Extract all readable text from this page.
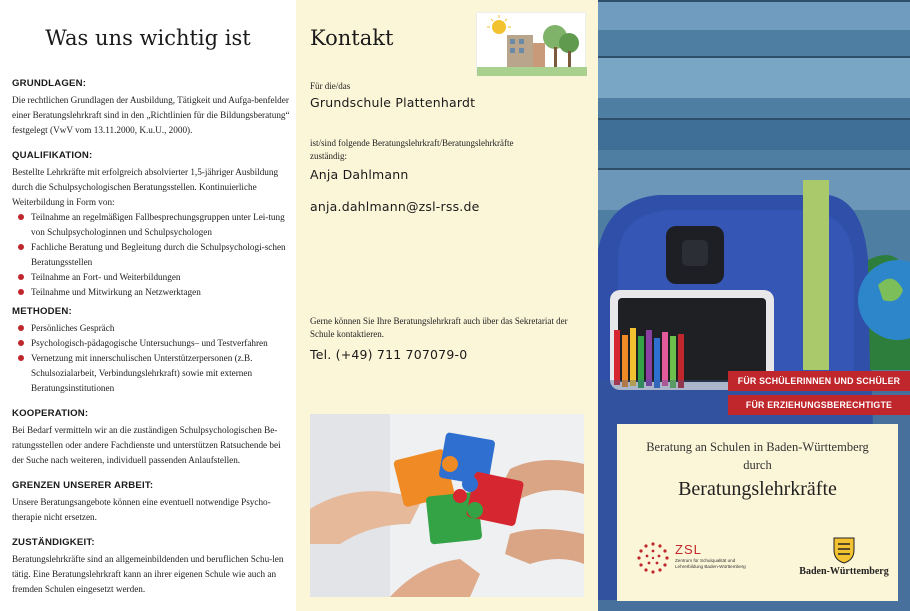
Was uns wichtig ist
GRUNDLAGEN:

Die rechtlichen Grundlagen der Ausbildung, Tätigkeit und Aufga-benfelder einer Beratungslehrkraft sind in den „Richtlinien für die Bildungsberatung“ festgelegt (VwV vom 13.11.2000, K.u.U., 2000).

QUALIFIKATION:

Bestellte Lehrkräfte mit erfolgreich absolvierter 1,5-jähriger Ausbildung durch die Schulpsychologischen Beratungsstellen. Kontinuierliche Weiterbildung in Form von:

Teilnahme an regelmäßigen Fallbesprechungsgruppen unter Lei-tung von Schulpsychologinnen und Schulpsychologen
Fachliche Beratung und Begleitung durch die Schulpsychologi-schen Beratungsstellen
Teilnahme an Fort- und Weiterbildungen
Teilnahme und Mitwirkung an Netzwerktagen
METHODEN:
Persönliches Gespräch
Psychologisch-pädagogische Untersuchungs– und Testverfahren
Vernetzung mit innerschulischen Unterstützerpersonen (z.B. Schulsozialarbeit, Verbindungslehrkraft) sowie mit externen Beratungsinstitutionen
KOOPERATION:

Bei Bedarf vermitteln wir an die zuständigen Schulpsychologischen Be-ratungsstellen oder andere Fachdienste und unterstützen Ratsuchende bei der Suche nach weiteren, individuell passenden Anlaufstellen.

GRENZEN UNSERER ARBEIT:

Unsere Beratungsangebote können eine eventuell notwendige Psycho-therapie nicht ersetzen.

ZUSTÄNDIGKEIT:

Beratungslehrkräfte sind an allgemeinbildenden und beruflichen Schu-len tätig. Eine Beratungslehrkraft kann an ihrer eigenen Schule wie auch an fremden Schulen eingesetzt werden.

Kontakt
Für die/das
Grundschule Plattenhardt
ist/sind folgende Beratungslehrkraft/Beratungslehrkräfte zuständig:
Anja Dahlmann
anja.dahlmann@zsl-rss.de
Gerne können Sie Ihre Beratungslehrkraft auch über das Sekretariat der Schule kontaktieren.
Tel. (+49) 711 707079-0
FÜR SCHÜLERINNEN UND SCHÜLER
FÜR ERZIEHUNGSBERECHTIGTE
Beratung an Schulen in Baden-Württemberg
durch
Beratungslehrkräfte
ZSL
Zentrum für Schulqualität und Lehrerbildung Baden-Württemberg	Baden-Württemberg
